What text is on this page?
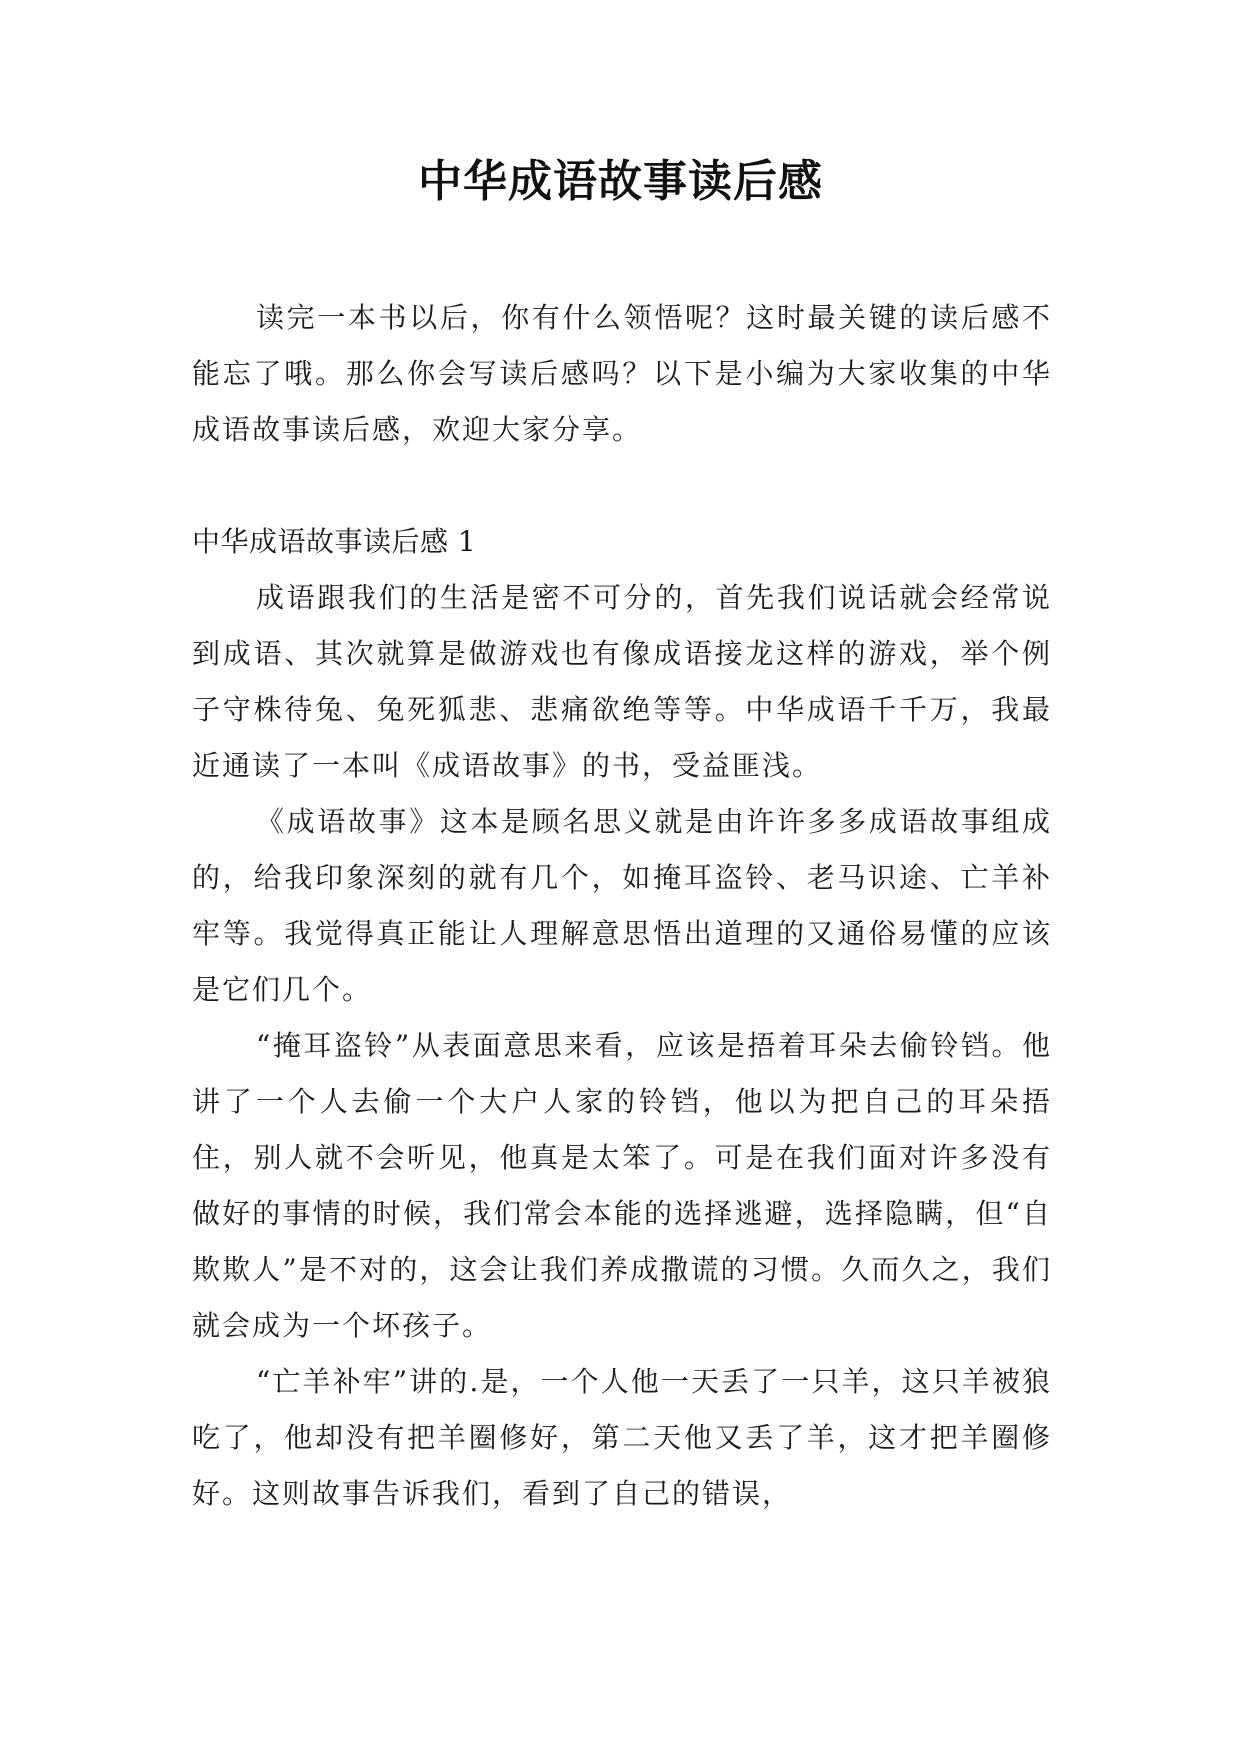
中华成语故事读后感

读完一本书以后，你有什么领悟呢？这时最关键的读后感不能忘了哦。那么你会写读后感吗？以下是小编为大家收集的中华成语故事读后感，欢迎大家分享。

中华成语故事读后感 1

成语跟我们的生活是密不可分的，首先我们说话就会经常说到成语、其次就算是做游戏也有像成语接龙这样的游戏，举个例子守株待兔、兔死狐悲、悲痛欲绝等等。中华成语千千万，我最近通读了一本叫《成语故事》的书，受益匪浅。

《成语故事》这本是顾名思义就是由许许多多成语故事组成的，给我印象深刻的就有几个，如掩耳盗铃、老马识途、亡羊补牢等。我觉得真正能让人理解意思悟出道理的又通俗易懂的应该是它们几个。

“掩耳盗铃”从表面意思来看，应该是捂着耳朵去偷铃铛。他讲了一个人去偷一个大户人家的铃铛，他以为把自己的耳朵捂住，别人就不会听见，他真是太笨了。可是在我们面对许多没有做好的事情的时候，我们常会本能的选择逃避，选择隐瞒，但“自欺欺人”是不对的，这会让我们养成撒谎的习惯。久而久之，我们就会成为一个坏孩子。

“亡羊补牢”讲的.是，一个人他一天丢了一只羊，这只羊被狼吃了，他却没有把羊圈修好，第二天他又丢了羊，这才把羊圈修好。这则故事告诉我们，看到了自己的错误，
